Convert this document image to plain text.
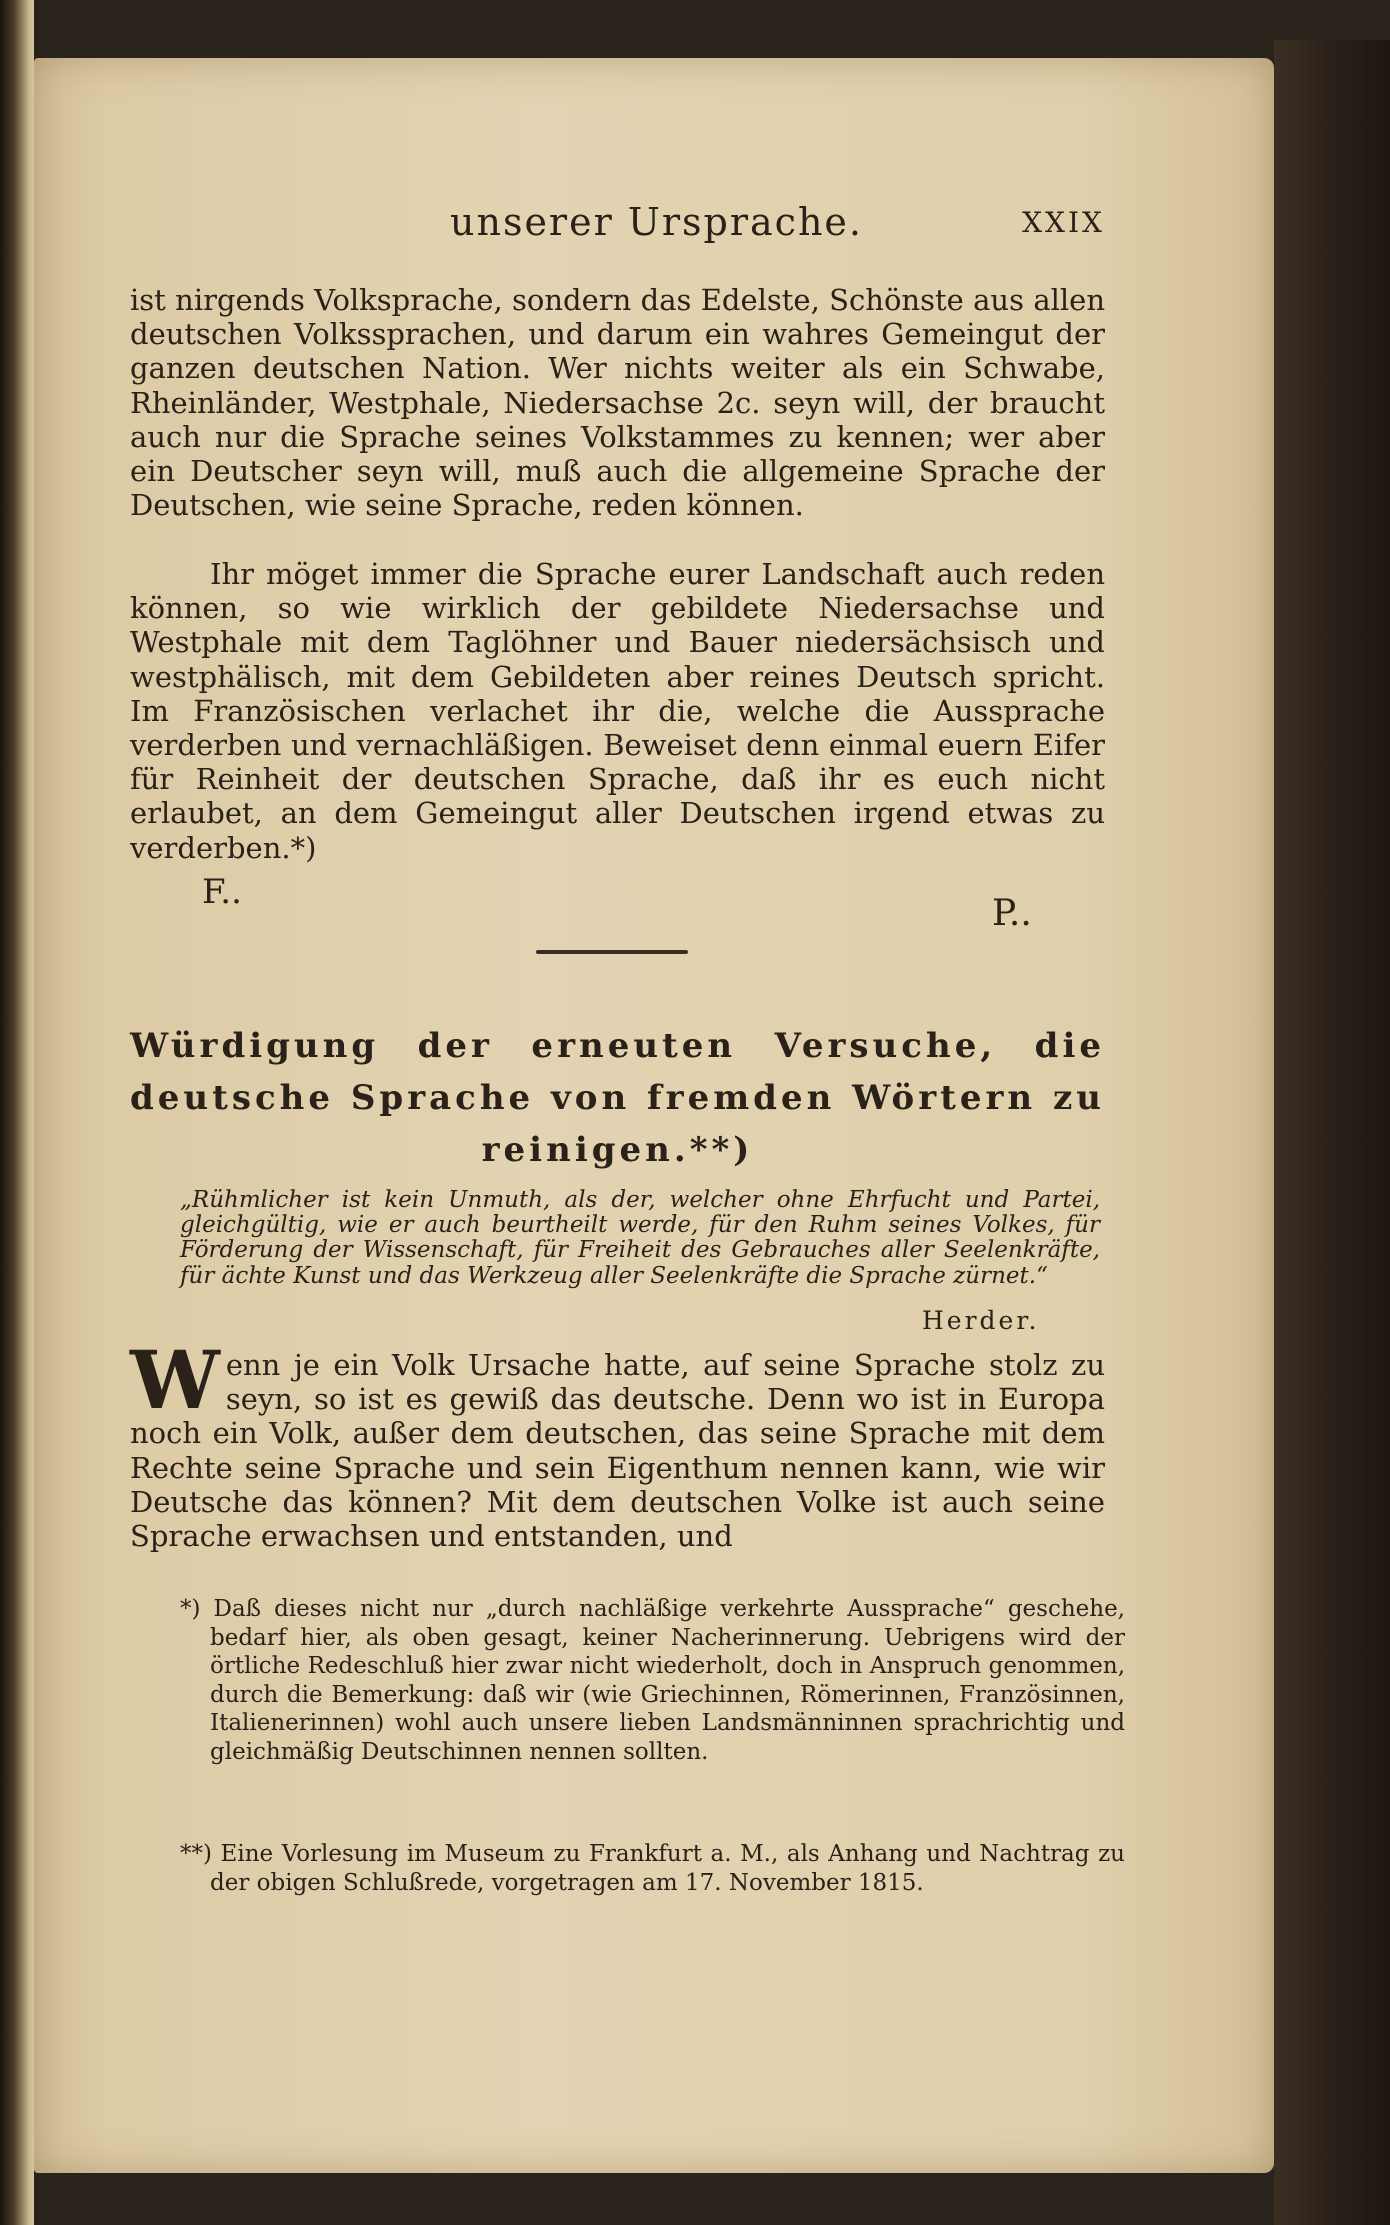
unserer Ursprache.	XXIX

ist nirgends Volksprache, sondern das Edelste, Schönste aus allen deutschen Volkssprachen, und darum ein wahres Gemeingut der ganzen deutschen Nation. Wer nichts weiter als ein Schwabe, Rheinländer, Westphale, Niedersachse 2c. seyn will, der braucht auch nur die Sprache seines Volkstammes zu kennen; wer aber ein Deutscher seyn will, muß auch die allgemeine Sprache der Deutschen, wie seine Sprache, reden können.

Ihr möget immer die Sprache eurer Landschaft auch reden können, so wie wirklich der gebildete Niedersachse und Westphale mit dem Taglöhner und Bauer niedersächsisch und westphälisch, mit dem Gebildeten aber reines Deutsch spricht. Im Französischen verlachet ihr die, welche die Aussprache verderben und vernachläßigen. Beweiset denn einmal euern Eifer für Reinheit der deutschen Sprache, daß ihr es euch nicht erlaubet, an dem Gemeingut aller Deutschen irgend etwas zu verderben.*)

F..
P..
Würdigung der erneuten Versuche, die deutsche Sprache von fremden Wörtern zu reinigen.**)

„Rühmlicher ist kein Unmuth, als der, welcher ohne Ehrfucht und Partei, gleichgültig, wie er auch beurtheilt werde, für den Ruhm seines Volkes, für Förderung der Wissenschaft, für Freiheit des Gebrauches aller Seelenkräfte, für ächte Kunst und das Werkzeug aller Seelenkräfte die Sprache zürnet.“

Herder.

Wenn je ein Volk Ursache hatte, auf seine Sprache stolz zu seyn, so ist es gewiß das deutsche. Denn wo ist in Europa noch ein Volk, außer dem deutschen, das seine Sprache mit dem Rechte seine Sprache und sein Eigenthum nennen kann, wie wir Deutsche das können? Mit dem deutschen Volke ist auch seine Sprache erwachsen und entstanden, und

*) Daß dieses nicht nur „durch nachläßige verkehrte Aussprache“ geschehe, bedarf hier, als oben gesagt, keiner Nacherinnerung. Uebrigens wird der örtliche Redeschluß hier zwar nicht wiederholt, doch in Anspruch genommen, durch die Bemerkung: daß wir (wie Griechinnen, Römerinnen, Französinnen, Italienerinnen) wohl auch unsere lieben Landsmänninnen sprachrichtig und gleichmäßig Deutschinnen nennen sollten.

**) Eine Vorlesung im Museum zu Frankfurt a. M., als Anhang und Nachtrag zu der obigen Schlußrede, vorgetragen am 17. November 1815.
